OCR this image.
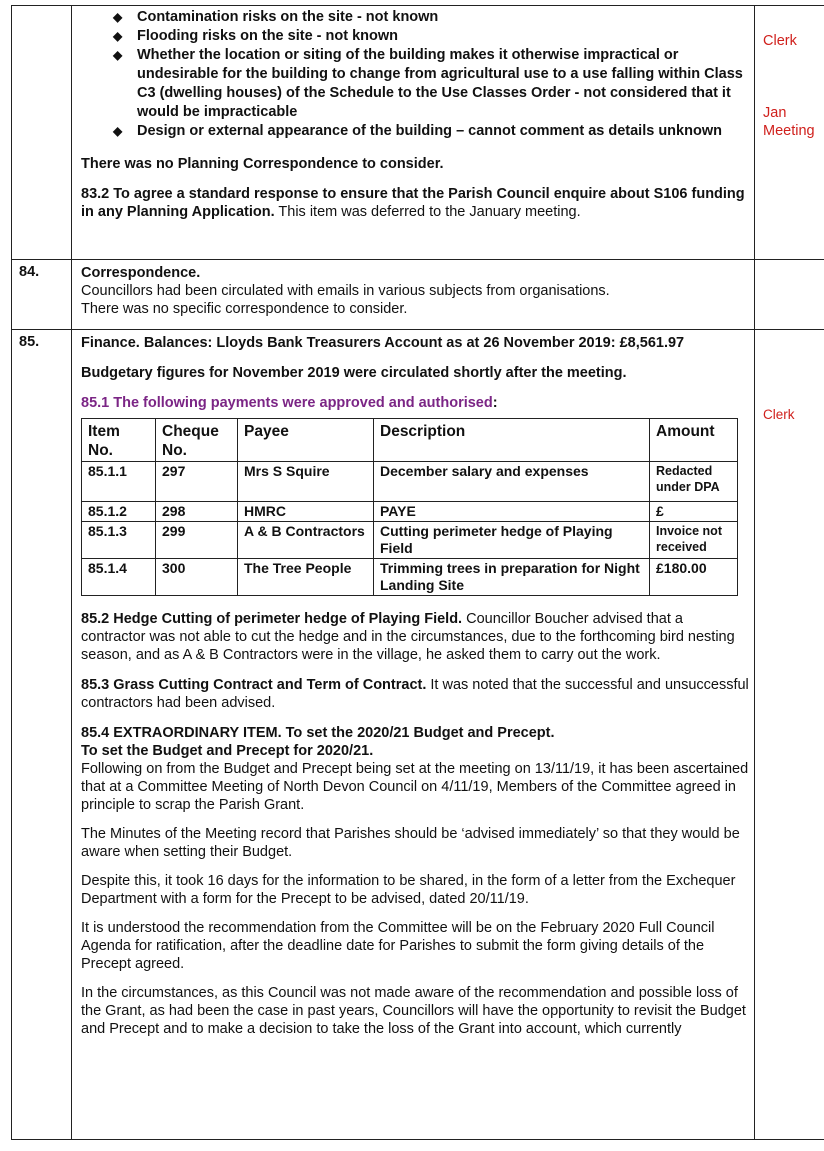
◆ Contamination risks on the site - not known
◆ Flooding risks on the site - not known
◆ Whether the location or siting of the building makes it otherwise impractical or undesirable for the building to change from agricultural use to a use falling within Class C3 (dwelling houses) of the Schedule to the Use Classes Order - not considered that it would be impracticable
◆ Design or external appearance of the building – cannot comment as details unknown

There was no Planning Correspondence to consider.

83.2 To agree a standard response to ensure that the Parish Council enquire about S106 funding in any Planning Application. This item was deferred to the January meeting.

Clerk
Jan Meeting

84.	Correspondence.

Councillors had been circulated with emails in various subjects from organisations.

There was no specific correspondence to consider.

85.	Finance. Balances: Lloyds Bank Treasurers Account as at 26 November 2019: £8,561.97

Budgetary figures for November 2019 were circulated shortly after the meeting.

85.1 The following payments were approved and authorised:

Item No.	Cheque No.	Payee	Description	Amount
85.1.1	297	Mrs S Squire	December salary and expenses	Redacted under DPA
85.1.2	298	HMRC	PAYE	£
85.1.3	299	A & B Contractors	Cutting perimeter hedge of Playing Field	Invoice not received
85.1.4	300	The Tree People	Trimming trees in preparation for Night Landing Site	£180.00

85.2 Hedge Cutting of perimeter hedge of Playing Field. Councillor Boucher advised that a contractor was not able to cut the hedge and in the circumstances, due to the forthcoming bird nesting season, and as A & B Contractors were in the village, he asked them to carry out the work.

85.3 Grass Cutting Contract and Term of Contract. It was noted that the successful and unsuccessful contractors had been advised.

85.4 EXTRAORDINARY ITEM. To set the 2020/21 Budget and Precept.

To set the Budget and Precept for 2020/21.

Following on from the Budget and Precept being set at the meeting on 13/11/19, it has been ascertained that at a Committee Meeting of North Devon Council on 4/11/19, Members of the Committee agreed in principle to scrap the Parish Grant.

The Minutes of the Meeting record that Parishes should be ‘advised immediately’ so that they would be aware when setting their Budget.

Despite this, it took 16 days for the information to be shared, in the form of a letter from the Exchequer Department with a form for the Precept to be advised, dated 20/11/19.

It is understood the recommendation from the Committee will be on the February 2020 Full Council Agenda for ratification, after the deadline date for Parishes to submit the form giving details of the Precept agreed.

In the circumstances, as this Council was not made aware of the recommendation and possible loss of the Grant, as had been the case in past years, Councillors will have the opportunity to revisit the Budget and Precept and to make a decision to take the loss of the Grant into account, which currently

Clerk
